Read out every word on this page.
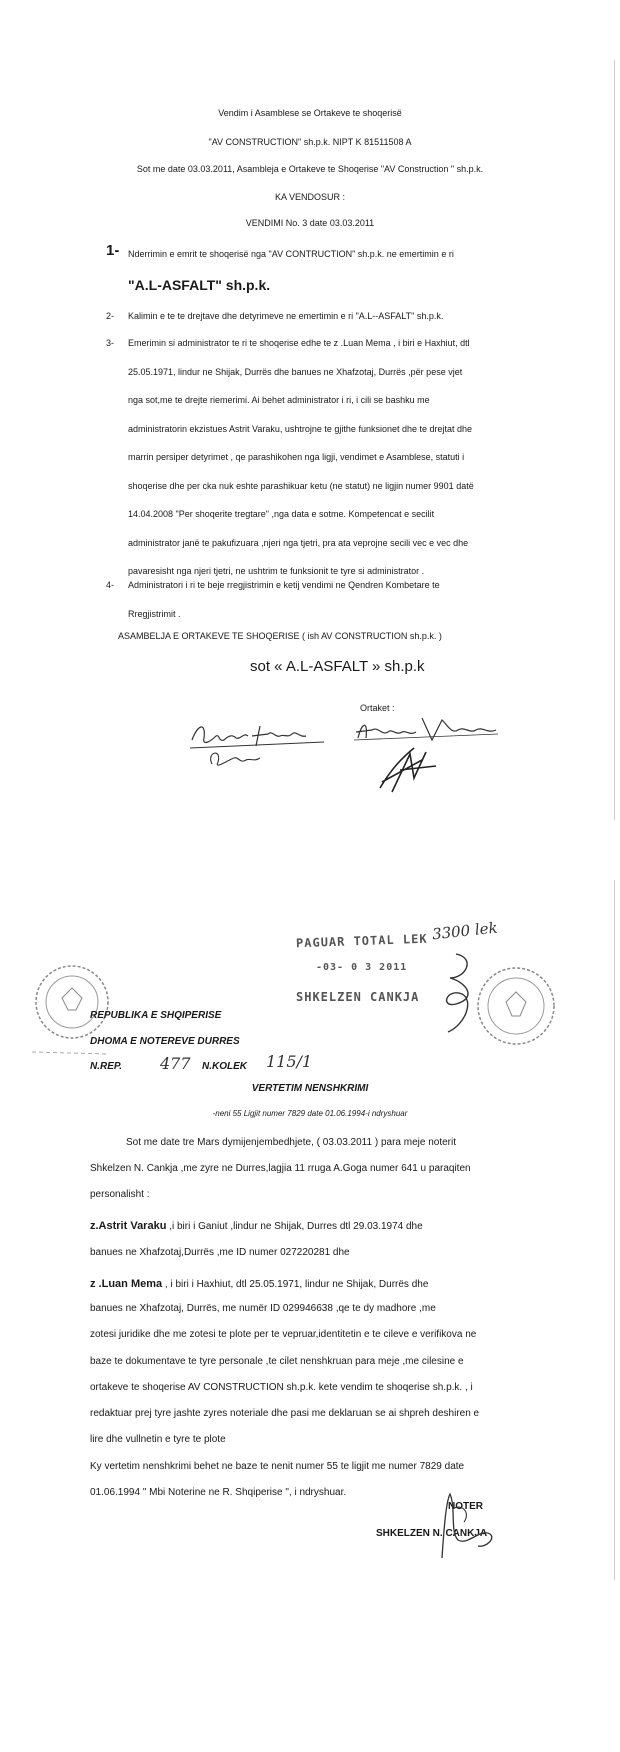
Vendim i Asamblese se Ortakeve te shoqerisë
"AV CONSTRUCTION" sh.p.k. NIPT K 81511508 A
Sot me date 03.03.2011, Asambleja e Ortakeve te Shoqerise "AV Construction " sh.p.k.
KA VENDOSUR :
VENDIMI No. 3 date 03.03.2011
1- Nderrimin e emrit te shoqerisë nga "AV CONTRUCTION" sh.p.k. ne emertimin e ri
"A.L-ASFALT" sh.p.k.
2- Kalimin e te te drejtave dhe detyrimeve ne emertimin e ri "A.L--ASFALT" sh.p.k.
3- Emerimin si administrator te ri te shoqerise edhe te z .Luan Mema , i biri e Haxhiut, dtl
25.05.1971, lindur ne Shijak, Durrës dhe banues ne Xhafzotaj, Durrës ,për pese vjet
nga sot,me te drejte riemerimi. Ai behet administrator i ri, i cili se bashku me
administratorin ekzistues Astrit Varaku, ushtrojne te gjithe funksionet dhe te drejtat dhe
marrin persiper detyrimet , qe parashikohen nga ligji, vendimet e Asamblese, statuti i
shoqerise dhe per cka nuk eshte parashikuar ketu (ne statut) ne ligjin numer 9901 datë
14.04.2008 "Per shoqerite tregtare" ,nga data e sotme. Kompetencat e secilit
administrator janë te pakufizuara ,njeri nga tjetri, pra ata veprojne secili vec e vec dhe
pavaresisht nga njeri tjetri, ne ushtrim te funksionit te tyre si administrator .
4- Administratori i ri te beje rregjistrimin e ketij vendimi ne Qendren Kombetare te
Rregjistrimit .
ASAMBELJA E ORTAKEVE TE SHOQERISE ( ish AV CONSTRUCTION sh.p.k. )
sot « A.L-ASFALT » sh.p.k
Ortaket :
PAGUAR TOTAL LEK 3300 lek
-03- 0 3 2011
SHKELZEN CANKJA
REPUBLIKA E SHQIPERISE
DHOMA E NOTEREVE DURRES
N.REP. 477 N.KOLEK 115/1
VERTETIM NENSHKRIMI
-neni 55 Ligjit numer 7829 date 01.06.1994-i ndryshuar
Sot me date tre Mars dymijenjembedhjete, ( 03.03.2011 ) para meje noterit
Shkelzen N. Cankja ,me zyre ne Durres,lagjia 11 rruga A.Goga numer 641 u paraqiten
personalisht :
z.Astrit Varaku ,i biri i Ganiut ,lindur ne Shijak, Durres dtl 29.03.1974 dhe
banues ne Xhafzotaj,Durrës ,me ID numer 027220281 dhe
z .Luan Mema , i biri i Haxhiut, dtl 25.05.1971, lindur ne Shijak, Durrës dhe
banues ne Xhafzotaj, Durrës, me numër ID 029946638 ,qe te dy madhore ,me
zotesi juridike dhe me zotesi te plote per te vepruar,identitetin e te cileve e verifikova ne
baze te dokumentave te tyre personale ,te cilet nenshkruan para meje ,me cilesine e
ortakeve te shoqerise AV CONSTRUCTION sh.p.k. kete vendim te shoqerise sh.p.k. , i
redaktuar prej tyre jashte zyres noteriale dhe pasi me deklaruan se ai shpreh deshiren e
lire dhe vullnetin e tyre te plote
Ky vertetim nenshkrimi behet ne baze te nenit numer 55 te ligjit me numer 7829 date
01.06.1994 " Mbi Noterine ne R. Shqiperise ", i ndryshuar.
NOTER
SHKELZEN N. CANKJA
